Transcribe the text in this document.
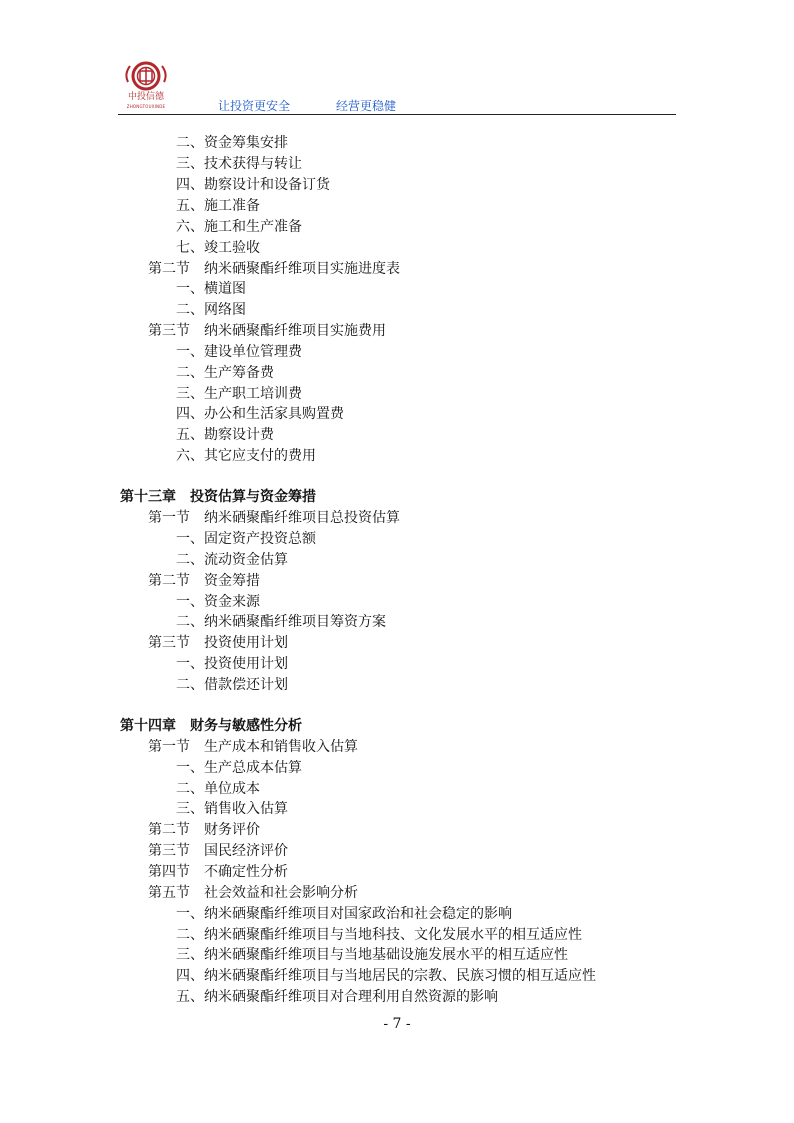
中投信德
ZHONGTOUXINDE	让投资更安全	经营更稳健
二、资金筹集安排
三、技术获得与转让
四、勘察设计和设备订货
五、施工准备
六、施工和生产准备
七、竣工验收
第二节　纳米硒聚酯纤维项目实施进度表
一、横道图
二、网络图
第三节　纳米硒聚酯纤维项目实施费用
一、建设单位管理费
二、生产筹备费
三、生产职工培训费
四、办公和生活家具购置费
五、勘察设计费
六、其它应支付的费用
第十三章　投资估算与资金筹措
第一节　纳米硒聚酯纤维项目总投资估算
一、固定资产投资总额
二、流动资金估算
第二节　资金筹措
一、资金来源
二、纳米硒聚酯纤维项目筹资方案
第三节　投资使用计划
一、投资使用计划
二、借款偿还计划
第十四章　财务与敏感性分析
第一节　生产成本和销售收入估算
一、生产总成本估算
二、单位成本
三、销售收入估算
第二节　财务评价
第三节　国民经济评价
第四节　不确定性分析
第五节　社会效益和社会影响分析
一、纳米硒聚酯纤维项目对国家政治和社会稳定的影响
二、纳米硒聚酯纤维项目与当地科技、文化发展水平的相互适应性
三、纳米硒聚酯纤维项目与当地基础设施发展水平的相互适应性
四、纳米硒聚酯纤维项目与当地居民的宗教、民族习惯的相互适应性
五、纳米硒聚酯纤维项目对合理利用自然资源的影响
- 7 -
